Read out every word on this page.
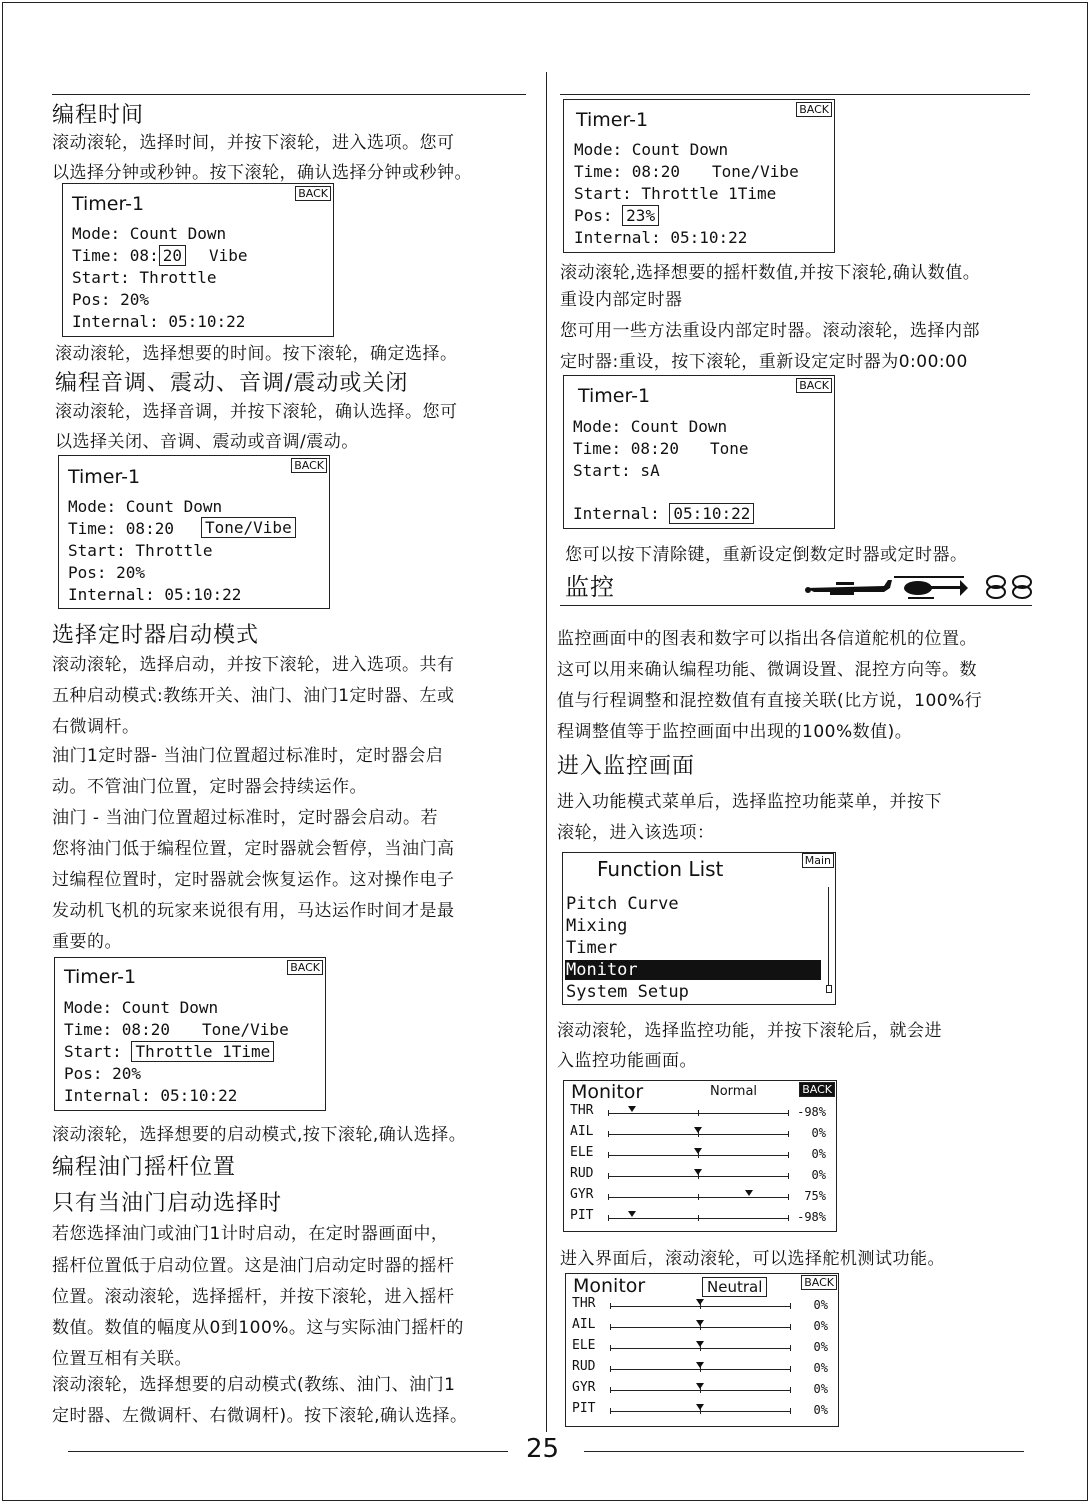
编程时间
滚动滚轮，选择时间，并按下滚轮，进入选项。您可
以选择分钟或秒钟。按下滚轮，确认选择分钟或秒钟。
Timer-1	BACK
Mode: Count Down
Time: 08: 20 Vibe
Start: Throttle
Pos: 20%
Internal: 05:10:22
滚动滚轮，选择想要的时间。按下滚轮，确定选择。
编程音调、震动、音调/震动或关闭
滚动滚轮，选择音调，并按下滚轮，确认选择。您可
以选择关闭、音调、震动或音调/震动。
Timer-1
BACK
Mode: Count Down
Time: 08:20 Tone/Vibe
Start: Throttle
Pos: 20%
Internal: 05:10:22
选择定时器启动模式
滚动滚轮，选择启动，并按下滚轮，进入选项。共有
五种启动模式:教练开关、油门、油门1定时器、左或
右微调杆。
油门1定时器- 当油门位置超过标准时，定时器会启
动。不管油门位置，定时器会持续运作。
油门 - 当油门位置超过标准时，定时器会启动。若
您将油门低于编程位置，定时器就会暂停，当油门高
过编程位置时，定时器就会恢复运作。这对操作电子
发动机飞机的玩家来说很有用，马达运作时间才是最
重要的。
Timer-1	BACK
Mode: Count Down
Time: 08:20 Tone/Vibe
Start: Throttle 1Time
Pos: 20%
Internal: 05:10:22
滚动滚轮，选择想要的启动模式,按下滚轮,确认选择。
编程油门摇杆位置
只有当油门启动选择时
若您选择油门或油门1计时启动，在定时器画面中，
摇杆位置低于启动位置。这是油门启动定时器的摇杆
位置。滚动滚轮，选择摇杆，并按下滚轮，进入摇杆
数值。数值的幅度从0到100%。这与实际油门摇杆的
位置互相有关联。
滚动滚轮，选择想要的启动模式(教练、油门、油门1
定时器、左微调杆、右微调杆)。按下滚轮,确认选择。
Timer-1	BACK
Mode: Count Down
Time: 08:20 Tone/Vibe
Start: Throttle 1Time
Pos: 23%
Internal: 05:10:22
滚动滚轮,选择想要的摇杆数值,并按下滚轮,确认数值。
重设内部定时器
您可用一些方法重设内部定时器。滚动滚轮，选择内部
定时器:重设，按下滚轮，重新设定定时器为0:00:00
Timer-1	BACK
Mode: Count Down
Time: 08:20 Tone
Start: sA
Internal: 05:10:22
您可以按下清除键，重新设定倒数定时器或定时器。
监控
监控画面中的图表和数字可以指出各信道舵机的位置。
这可以用来确认编程功能、微调设置、混控方向等。数
值与行程调整和混控数值有直接关联(比方说，100%行
程调整值等于监控画面中出现的100%数值)。
进入监控画面
进入功能模式菜单后，选择监控功能菜单，并按下
滚轮，进入该选项：
Function List	Main
Pitch Curve
Mixing
Timer
Monitor
System Setup
滚动滚轮，选择监控功能，并按下滚轮后，就会进
入监控功能画面。
Monitor	Normal	BACK
THR	-98%
AIL	0%
ELE	0%
RUD	0%
GYR	75%
PIT	-98%
进入界面后，滚动滚轮，可以选择舵机测试功能。
Monitor	Neutral	BACK
THR	0%
AIL	0%
ELE	0%
RUD	0%
GYR	0%
PIT	0%
25
